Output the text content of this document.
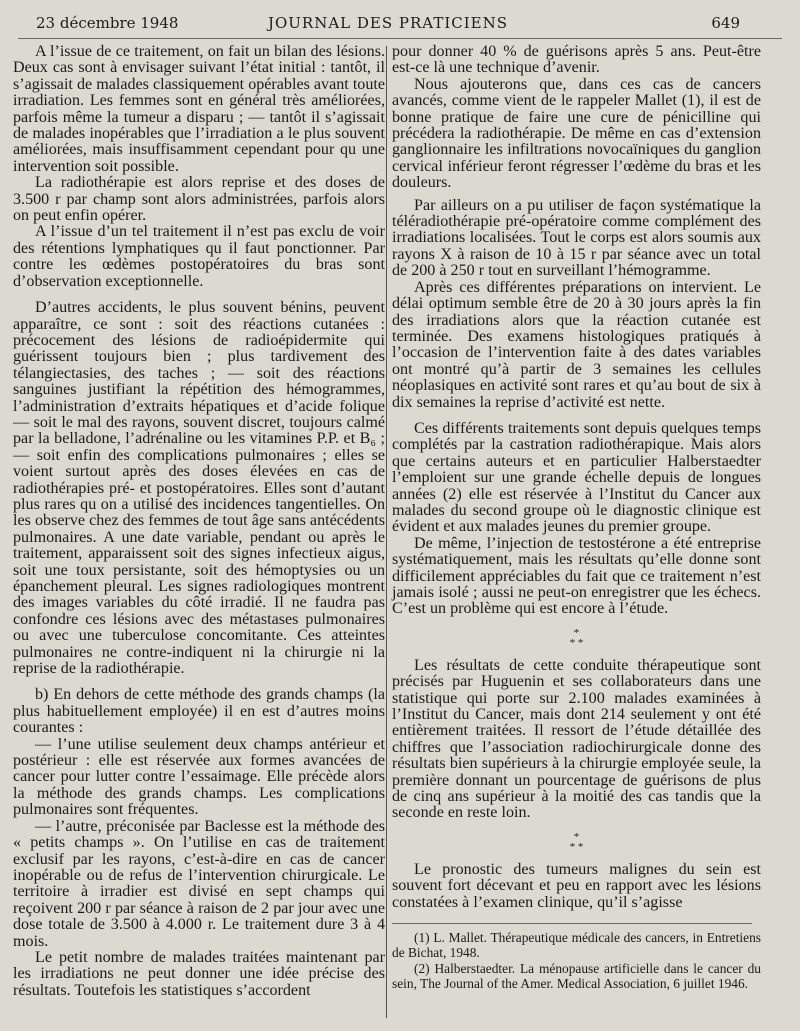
23 décembre 1948	JOURNAL DES PRATICIENS	649

A l’issue de ce traitement, on fait un bilan des lésions. Deux cas sont à envisager suivant l’état initial : tantôt, il s’agissait de malades classiquement opérables avant toute irradiation. Les femmes sont en général très améliorées, parfois même la tumeur a disparu ; — tantôt il s’agissait de malades inopérables que l’irradiation a le plus souvent améliorées, mais insuffisamment cependant pour qu une intervention soit possible.

La radiothérapie est alors reprise et des doses de 3.500 r par champ sont alors administrées, parfois alors on peut enfin opérer.

A l’issue d’un tel traitement il n’est pas exclu de voir des rétentions lymphatiques qu il faut ponctionner. Par contre les œdèmes postopératoires du bras sont d’observation exceptionnelle.

D’autres accidents, le plus souvent bénins, peuvent apparaître, ce sont : soit des réactions cutanées : précocement des lésions de radioépidermite qui guérissent toujours bien ; plus tardivement des télangiectasies, des taches ; — soit des réactions sanguines justifiant la répétition des hémogrammes, l’administration d’extraits hépatiques et d’acide folique — soit le mal des rayons, souvent discret, toujours calmé par la belladone, l’adrénaline ou les vitamines P.P. et B₆ ; — soit enfin des complications pulmonaires ; elles se voient surtout après des doses élevées en cas de radiothérapies pré- et postopératoires. Elles sont d’autant plus rares qu on a utilisé des incidences tangentielles. On les observe chez des femmes de tout âge sans antécédents pulmonaires. A une date variable, pendant ou après le traitement, apparaissent soit des signes infectieux aigus, soit une toux persistante, soit des hémoptysies ou un épanchement pleural. Les signes radiologiques montrent des images variables du côté irradié. Il ne faudra pas confondre ces lésions avec des métastases pulmonaires ou avec une tuberculose concomitante. Ces atteintes pulmonaires ne contre-indiquent ni la chirurgie ni la reprise de la radiothérapie.

b) En dehors de cette méthode des grands champs (la plus habituellement employée) il en est d’autres moins courantes :

— l’une utilise seulement deux champs antérieur et postérieur : elle est réservée aux formes avancées de cancer pour lutter contre l’essaimage. Elle précède alors la méthode des grands champs. Les complications pulmonaires sont fréquentes.

— l’autre, préconisée par Baclesse est la méthode des « petits champs ». On l’utilise en cas de traitement exclusif par les rayons, c’est-à-dire en cas de cancer inopérable ou de refus de l’intervention chirurgicale. Le territoire à irradier est divisé en sept champs qui reçoivent 200 r par séance à raison de 2 par jour avec une dose totale de 3.500 à 4.000 r. Le traitement dure 3 à 4 mois.

Le petit nombre de malades traitées maintenant par les irradiations ne peut donner une idée précise des résultats. Toutefois les statistiques s’accordent

pour donner 40 % de guérisons après 5 ans. Peut-être est-ce là une technique d’avenir.

Nous ajouterons que, dans ces cas de cancers avancés, comme vient de le rappeler Mallet (1), il est de bonne pratique de faire une cure de pénicilline qui précédera la radiothérapie. De même en cas d’extension ganglionnaire les infiltrations novocaïniques du ganglion cervical inférieur feront régresser l’œdème du bras et les douleurs.

Par ailleurs on a pu utiliser de façon systématique la téléradiothérapie pré-opératoire comme complément des irradiations localisées. Tout le corps est alors soumis aux rayons X à raison de 10 à 15 r par séance avec un total de 200 à 250 r tout en surveillant l’hémogramme.

Après ces différentes préparations on intervient. Le délai optimum semble être de 20 à 30 jours après la fin des irradiations alors que la réaction cutanée est terminée. Des examens histologiques pratiqués à l’occasion de l’intervention faite à des dates variables ont montré qu’à partir de 3 semaines les cellules néoplasiques en activité sont rares et qu’au bout de six à dix semaines la reprise d’activité est nette.

Ces différents traitements sont depuis quelques temps complétés par la castration radiothérapique. Mais alors que certains auteurs et en particulier Halberstaedter l’emploient sur une grande échelle depuis de longues années (2) elle est réservée à l’Institut du Cancer aux malades du second groupe où le diagnostic clinique est évident et aux malades jeunes du premier groupe.

De même, l’injection de testostérone a été entreprise systématiquement, mais les résultats qu’elle donne sont difficilement appréciables du fait que ce traitement n’est jamais isolé ; aussi ne peut-on enregistrer que les échecs. C’est un problème qui est encore à l’étude.

*
* *

Les résultats de cette conduite thérapeutique sont précisés par Huguenin et ses collaborateurs dans une statistique qui porte sur 2.100 malades examinées à l’Institut du Cancer, mais dont 214 seulement y ont été entièrement traitées. Il ressort de l’étude détaillée des chiffres que l’association radiochirurgicale donne des résultats bien supérieurs à la chirurgie employée seule, la première donnant un pourcentage de guérisons de plus de cinq ans supérieur à la moitié des cas tandis que la seconde en reste loin.

*
* *

Le pronostic des tumeurs malignes du sein est souvent fort décevant et peu en rapport avec les lésions constatées à l’examen clinique, qu’il s’agisse

(1) L. Mallet. Thérapeutique médicale des cancers, in Entretiens de Bichat, 1948.

(2) Halberstaedter. La ménopause artificielle dans le cancer du sein, The Journal of the Amer. Medical Association, 6 juillet 1946.
